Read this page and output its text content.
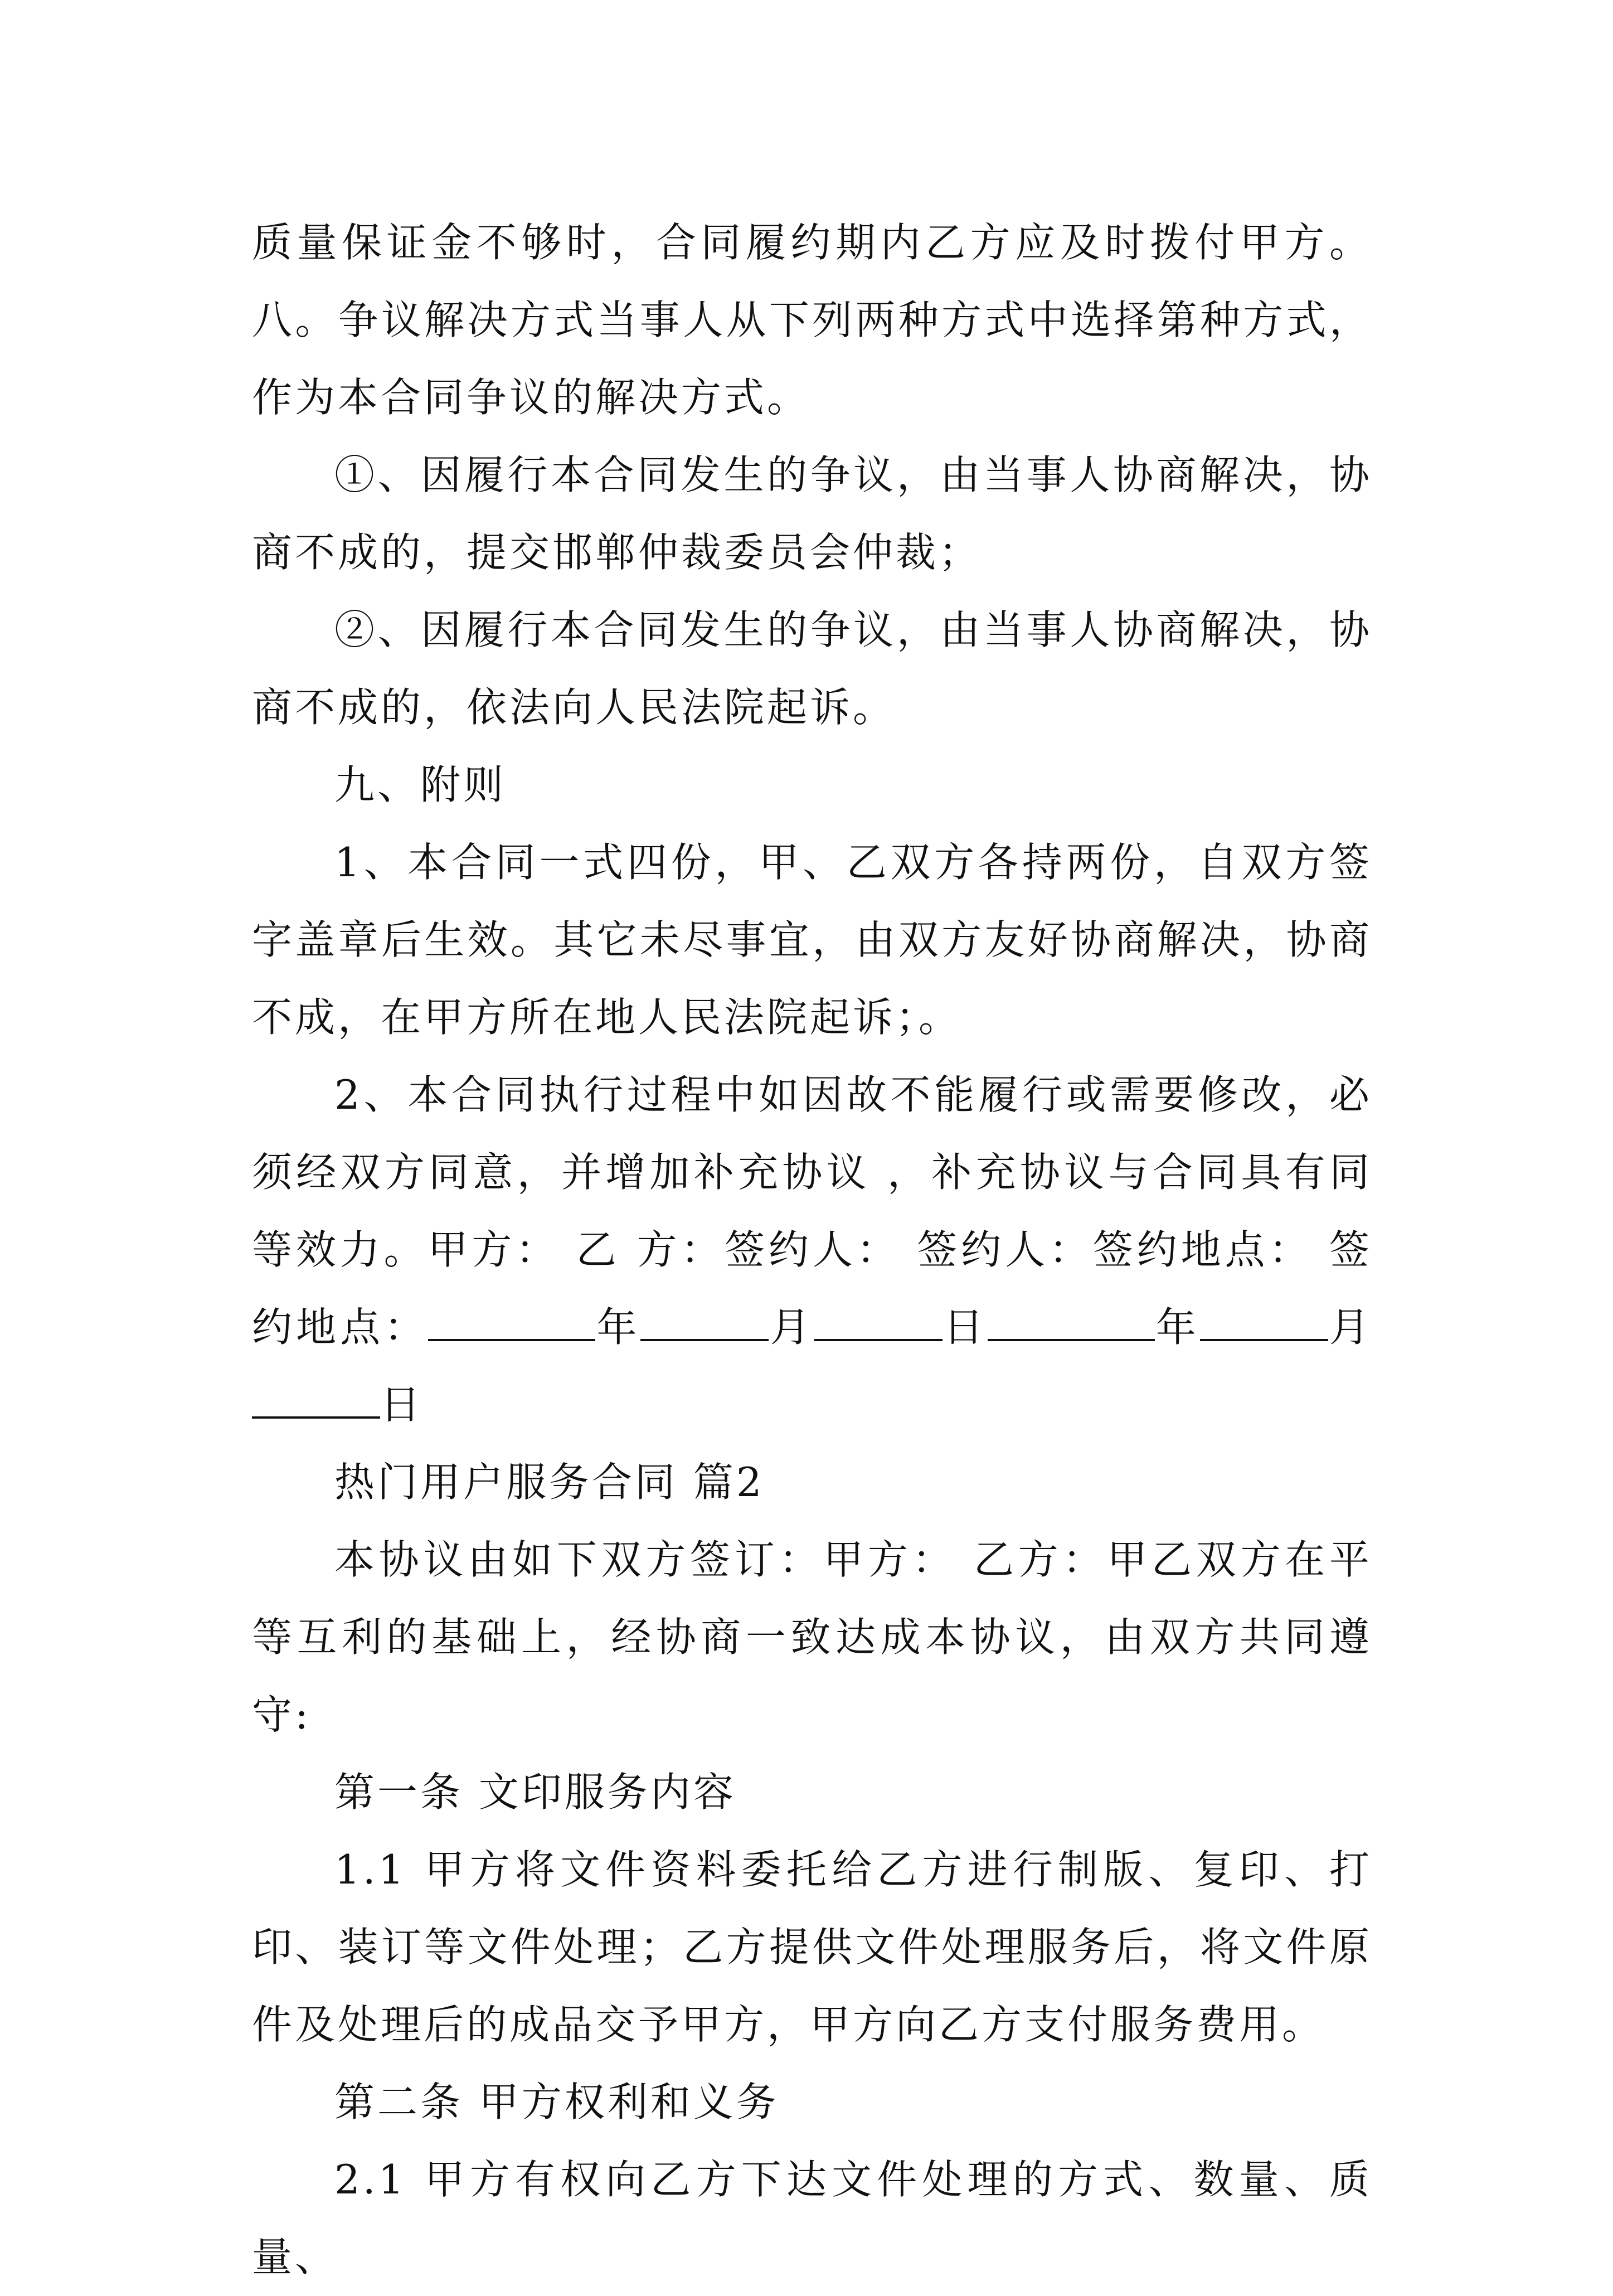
质量保证金不够时，合同履约期内乙方应及时拨付甲方。八。争议解决方式当事人从下列两种方式中选择第种方式，作为本合同争议的解决方式。

①、因履行本合同发生的争议，由当事人协商解决，协商不成的，提交邯郸仲裁委员会仲裁；

②、因履行本合同发生的争议，由当事人协商解决，协商不成的，依法向人民法院起诉。

九、附则

1、本合同一式四份，甲、乙双方各持两份，自双方签字盖章后生效。其它未尽事宜，由双方友好协商解决，协商不成，在甲方所在地人民法院起诉；。

2、本合同执行过程中如因故不能履行或需要修改，必须经双方同意，并增加补充协议 ，补充协议与合同具有同等效力。甲方： 乙 方：签约人： 签约人：签约地点： 签约地点：	年	月	日	年	月日

热门用户服务合同 篇2

本协议由如下双方签订：甲方： 乙方：甲乙双方在平等互利的基础上，经协商一致达成本协议，由双方共同遵守:

第一条 文印服务内容

1.1 甲方将文件资料委托给乙方进行制版、复印、打印、装订等文件处理；乙方提供文件处理服务后，将文件原件及处理后的成品交予甲方，甲方向乙方支付服务费用。

第二条 甲方权利和义务

2.1 甲方有权向乙方下达文件处理的方式、数量、质量、
